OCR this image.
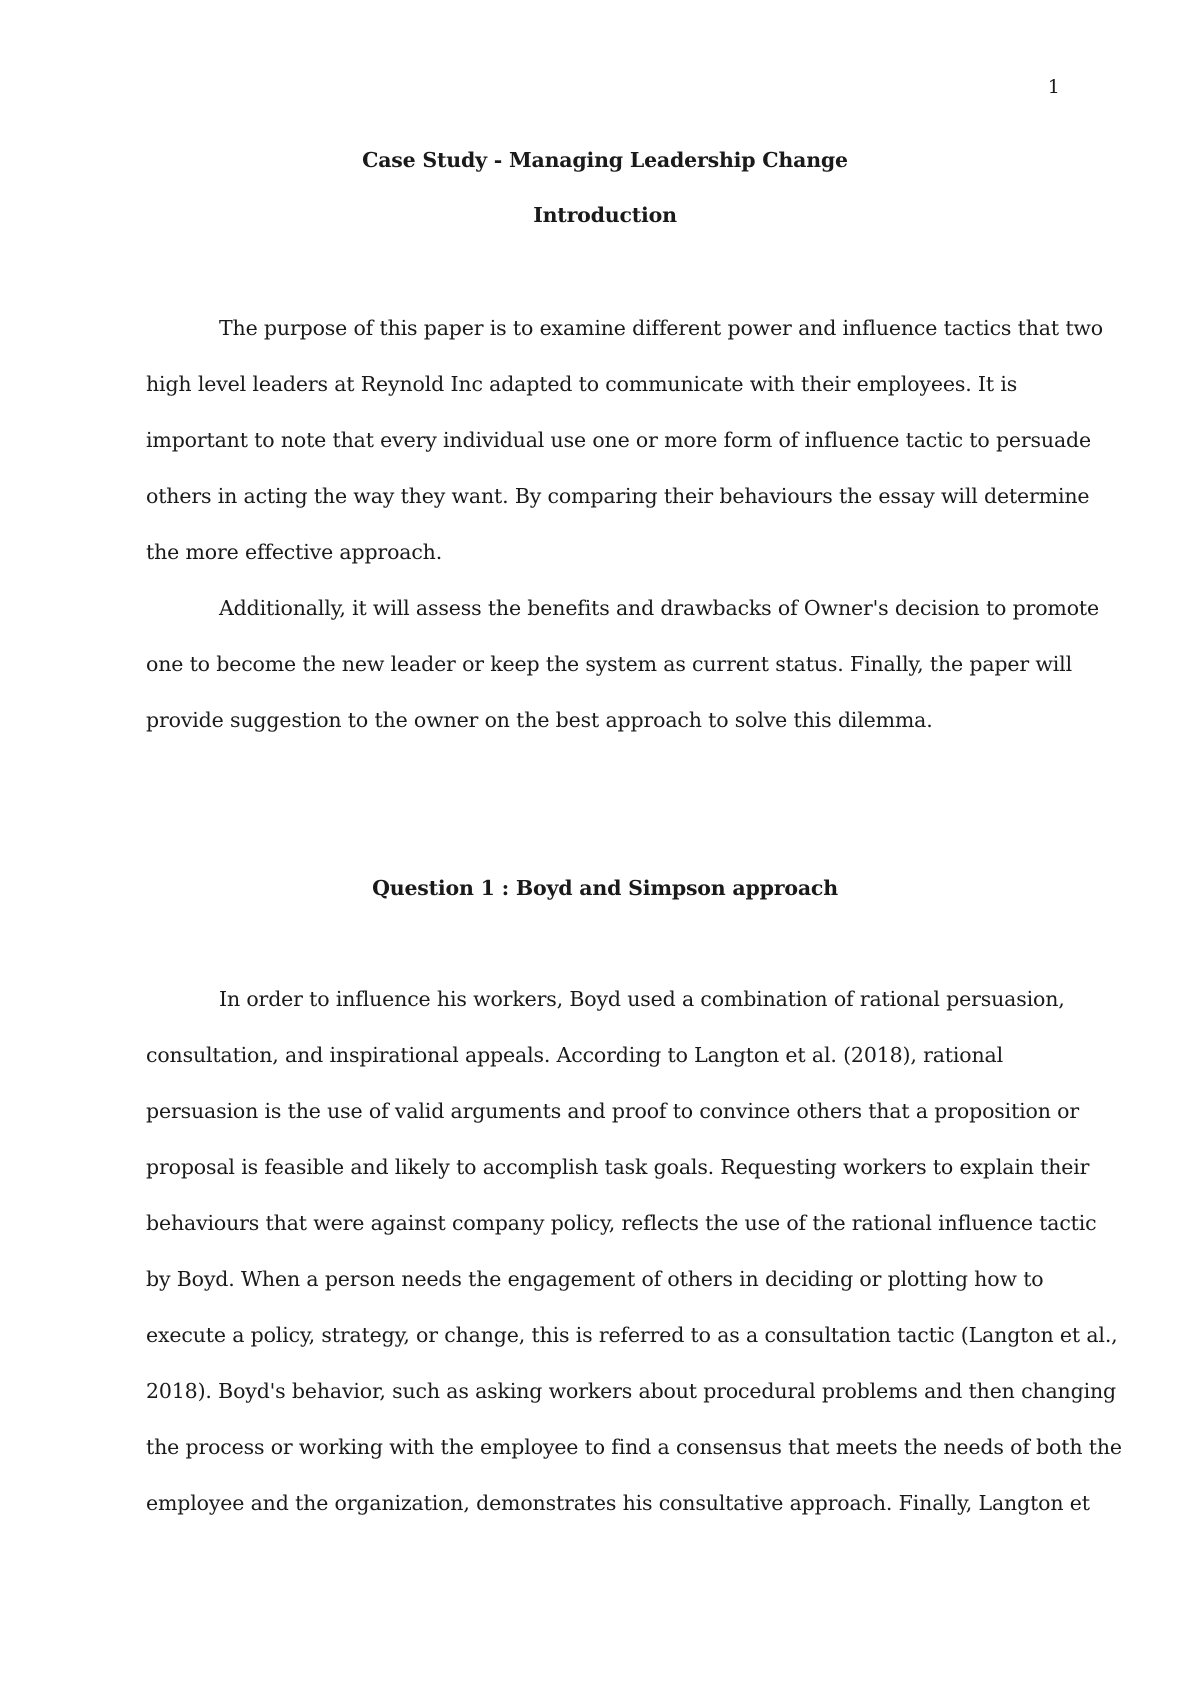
1
Case Study - Managing Leadership Change
Introduction
The purpose of this paper is to examine different power and influence tactics that two
high level leaders at Reynold Inc adapted to communicate with their employees. It is
important to note that every individual use one or more form of influence tactic to persuade
others in acting the way they want. By comparing their behaviours the essay will determine
the more effective approach.
Additionally, it will assess the benefits and drawbacks of Owner's decision to promote
one to become the new leader or keep the system as current status. Finally, the paper will
provide suggestion to the owner on the best approach to solve this dilemma.
Question 1 : Boyd and Simpson approach
In order to influence his workers, Boyd used a combination of rational persuasion,
consultation, and inspirational appeals. According to Langton et al. (2018), rational
persuasion is the use of valid arguments and proof to convince others that a proposition or
proposal is feasible and likely to accomplish task goals. Requesting workers to explain their
behaviours that were against company policy, reflects the use of the rational influence tactic
by Boyd. When a person needs the engagement of others in deciding or plotting how to
execute a policy, strategy, or change, this is referred to as a consultation tactic (Langton et al.,
2018). Boyd's behavior, such as asking workers about procedural problems and then changing
the process or working with the employee to find a consensus that meets the needs of both the
employee and the organization, demonstrates his consultative approach. Finally, Langton et
